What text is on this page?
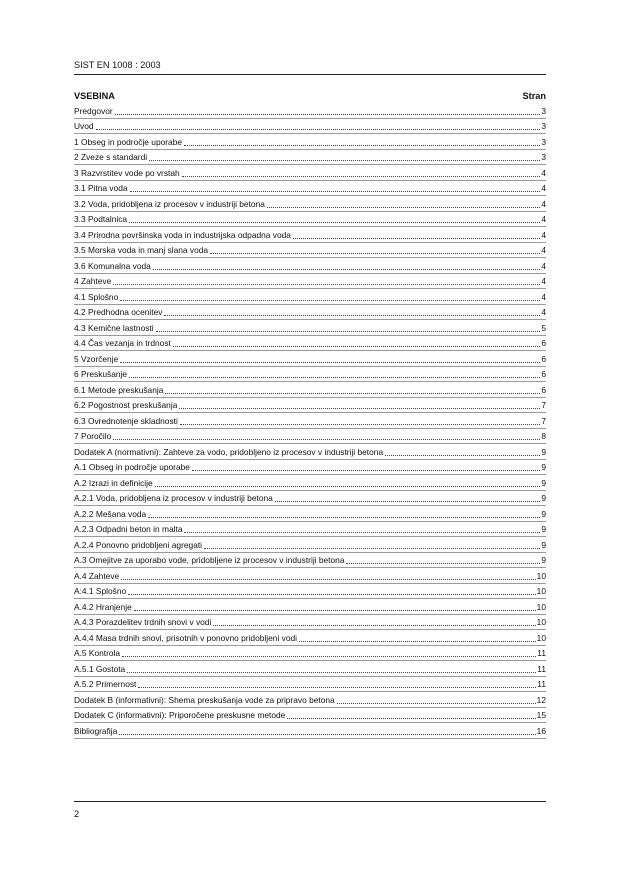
SIST EN 1008 : 2003
VSEBINA	Stran
Predgovor	3
Uvod	3
1 Obseg in področje uporabe	3
2 Zveze s standardi	3
3 Razvrstitev vode po vrstah	4
3.1 Pitna voda	4
3.2 Voda, pridobljena iz procesov v industriji betona	4
3.3 Podtalnica	4
3.4 Prirodna površinska voda in industrijska odpadna voda	4
3.5 Morska voda in manj slana voda	4
3.6 Komunalna voda	4
4 Zahteve	4
4.1 Splošno	4
4.2 Predhodna ocenitev	4
4.3 Kemične lastnosti	5
4.4 Čas vezanja in trdnost	6
5 Vzorčenje	6
6 Preskušanje	6
6.1 Metode preskušanja	6
6.2 Pogostnost preskušanja	7
6.3 Ovrednotenje skladnosti	7
7 Poročilo	8
Dodatek A (normativni): Zahteve za vodo, pridobljeno iz procesov v industriji betona	9
A.1 Obseg in področje uporabe	9
A.2 Izrazi in definicije	9
A.2.1 Voda, pridobljena iz procesov v industriji betona	9
A.2.2 Mešana voda	9
A.2.3 Odpadni beton in malta	9
A.2.4 Ponovno pridobljeni agregati	9
A.3 Omejitve za uporabo vode, pridobljene iz procesov v industriji betona	9
A.4 Zahteve	10
A:4.1 Splošno	10
A.4.2 Hranjenje	10
A.4.3 Porazdelitev trdnih snovi v vodi	10
A.4.4 Masa trdnih snovi, prisotnih v ponovno pridobljeni vodi	10
A.5 Kontrola	11
A.5.1 Gostota	11
A.5.2 Primernost	11
Dodatek B (informativni): Shema preskušanja vode za pripravo betona	12
Dodatek C (informativni): Priporočene preskusne metode	15
Bibliografija	16
2
